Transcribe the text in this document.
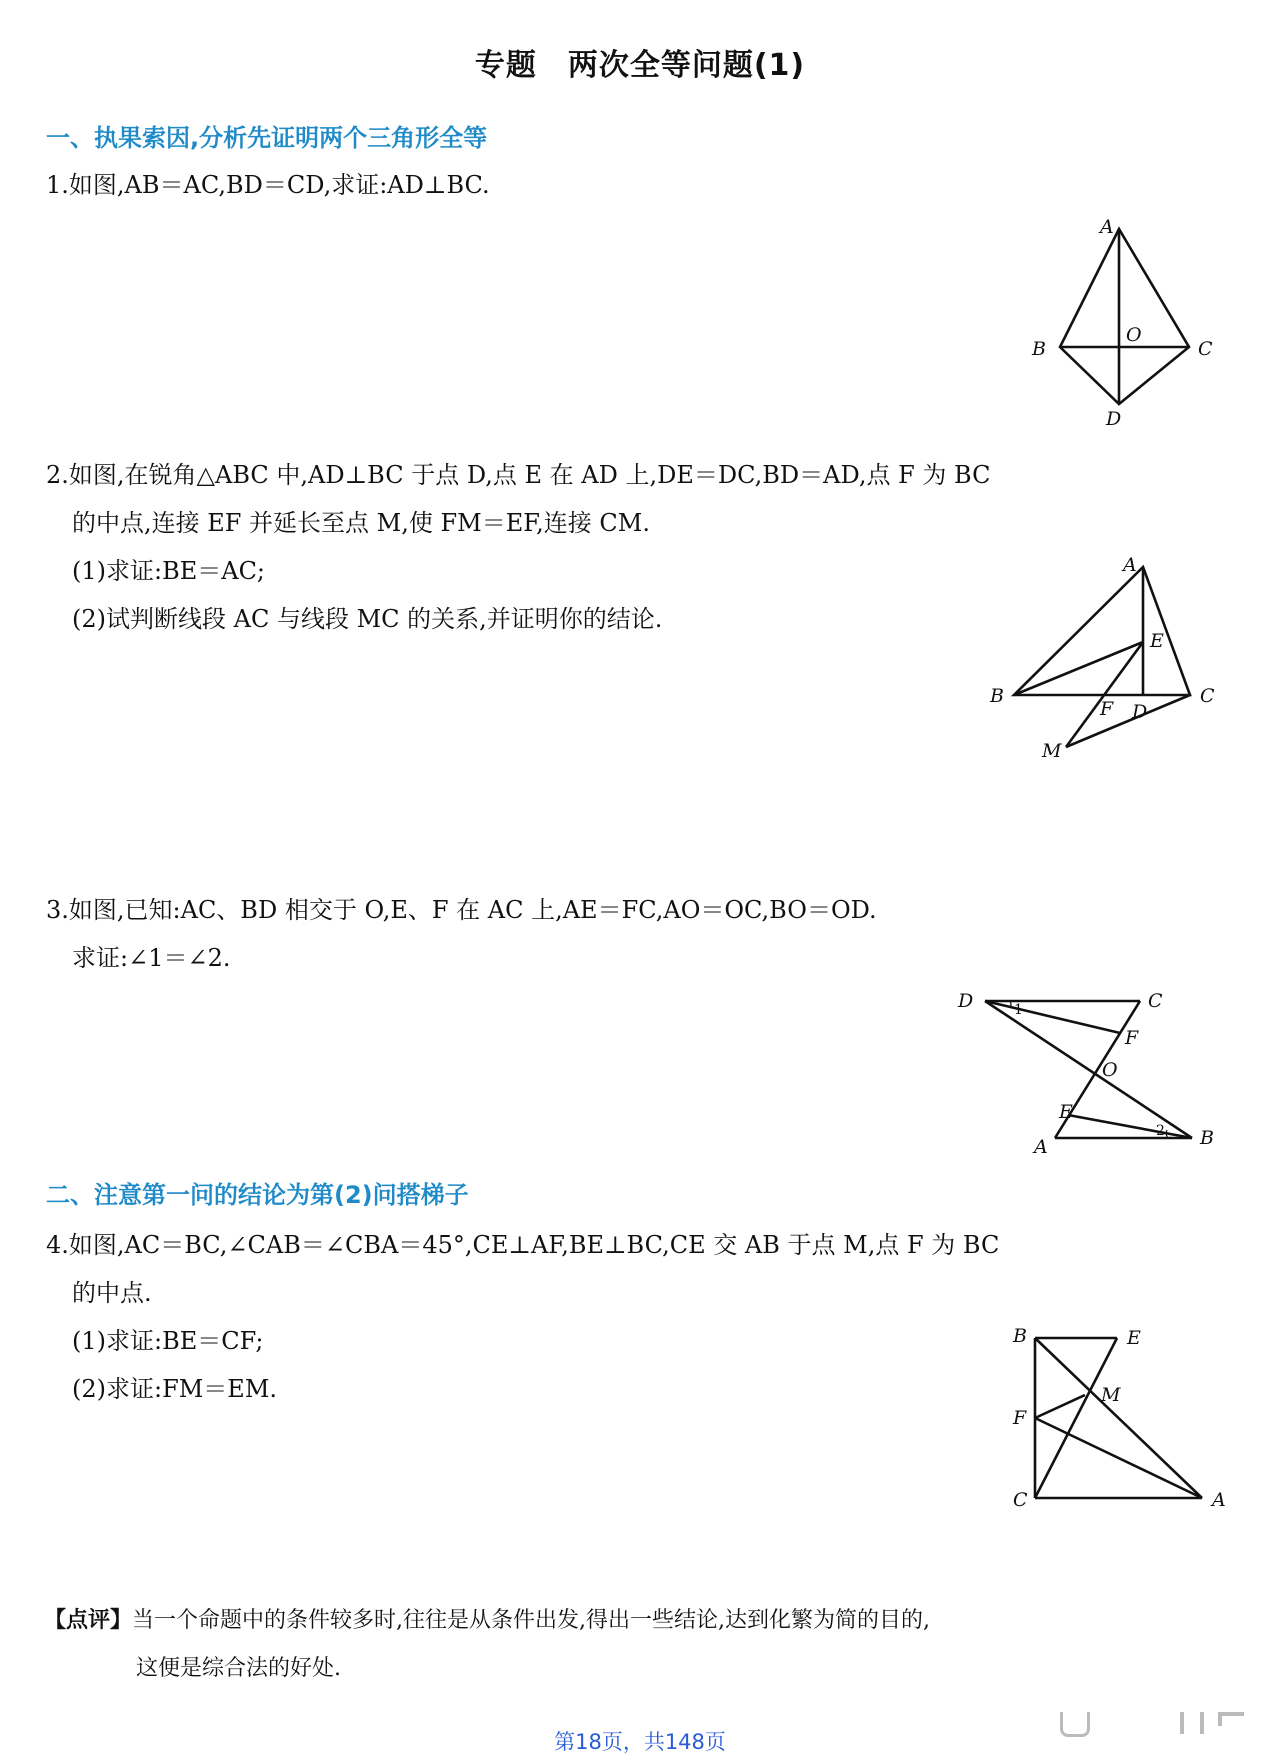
专题　两次全等问题(1)
一、执果索因,分析先证明两个三角形全等
1.如图,AB＝AC,BD＝CD,求证:AD⊥BC.
A
B	C
D
O
2.如图,在锐角△ABC 中,AD⊥BC 于点 D,点 E 在 AD 上,DE＝DC,BD＝AD,点 F 为 BC
的中点,连接 EF 并延长至点 M,使 FM＝EF,连接 CM.
(1)求证:BE＝AC;
(2)试判断线段 AC 与线段 MC 的关系,并证明你的结论.
A
B	C
D
E
F
M
3.如图,已知:AC、BD 相交于 O,E、F 在 AC 上,AE＝FC,AO＝OC,BO＝OD.
求证:∠1＝∠2.
D	C
F
O
E
A	B
1
2
二、注意第一问的结论为第(2)问搭梯子
4.如图,AC＝BC,∠CAB＝∠CBA＝45°,CE⊥AF,BE⊥BC,CE 交 AB 于点 M,点 F 为 BC
的中点.
(1)求证:BE＝CF;
(2)求证:FM＝EM.
B	E
M
F
C	A
【点评】当一个命题中的条件较多时,往往是从条件出发,得出一些结论,达到化繁为简的目的,
这便是综合法的好处.
第18页，共148页
